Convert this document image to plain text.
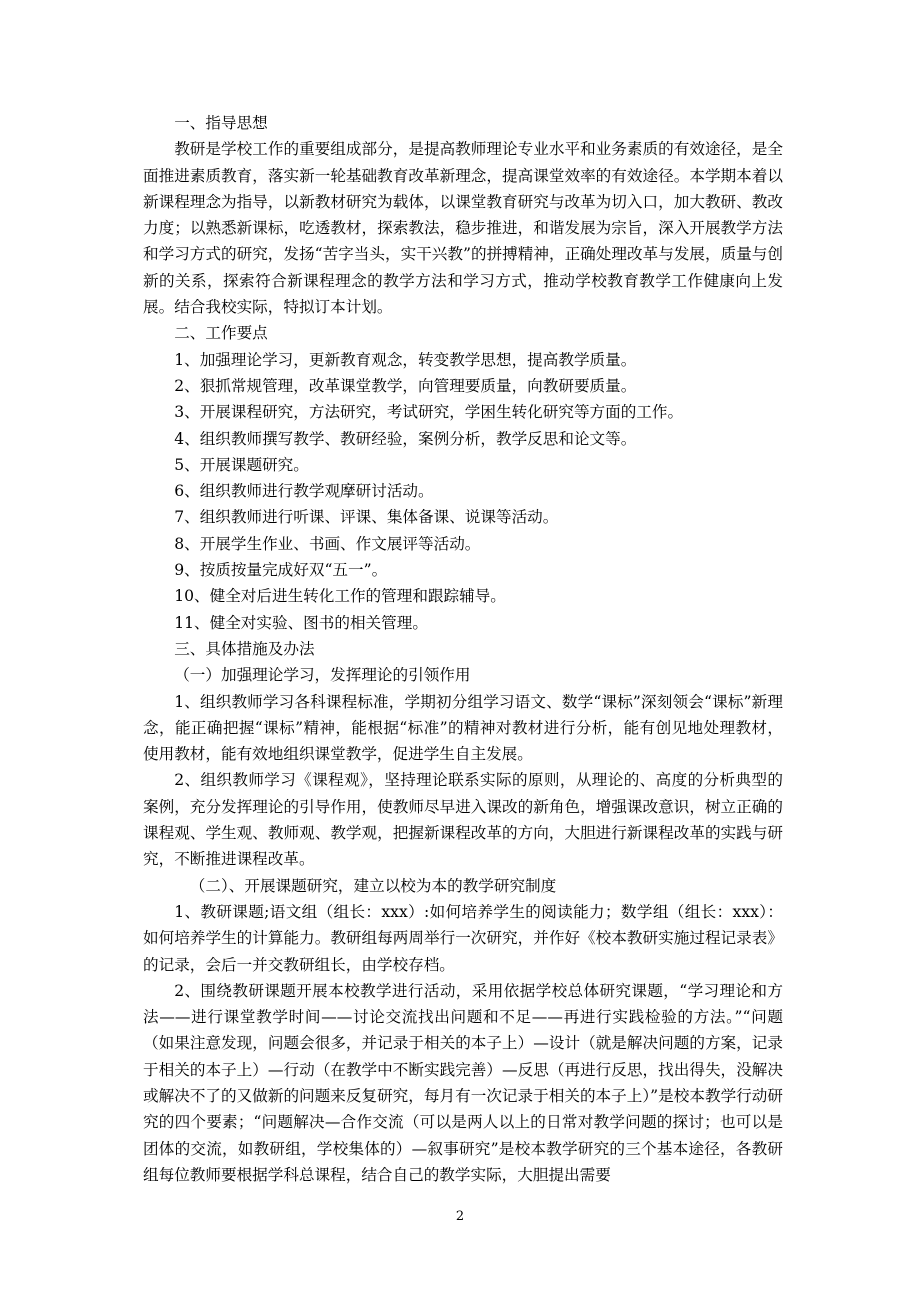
一、指导思想

教研是学校工作的重要组成部分，是提高教师理论专业水平和业务素质的有效途径，是全面推进素质教育，落实新一轮基础教育改革新理念，提高课堂效率的有效途径。本学期本着以新课程理念为指导，以新教材研究为载体，以课堂教育研究与改革为切入口，加大教研、教改力度；以熟悉新课标，吃透教材，探索教法，稳步推进，和谐发展为宗旨，深入开展教学方法和学习方式的研究，发扬“苦字当头，实干兴教”的拼搏精神，正确处理改革与发展，质量与创新的关系，探索符合新课程理念的教学方法和学习方式，推动学校教育教学工作健康向上发展。结合我校实际，特拟订本计划。

二、工作要点

1、加强理论学习，更新教育观念，转变教学思想，提高教学质量。

2、狠抓常规管理，改革课堂教学，向管理要质量，向教研要质量。

3、开展课程研究，方法研究，考试研究，学困生转化研究等方面的工作。

4、组织教师撰写教学、教研经验，案例分析，教学反思和论文等。

5、开展课题研究。

6、组织教师进行教学观摩研讨活动。

7、组织教师进行听课、评课、集体备课、说课等活动。

8、开展学生作业、书画、作文展评等活动。

9、按质按量完成好双“五一”。

10、健全对后进生转化工作的管理和跟踪辅导。

11、健全对实验、图书的相关管理。

三、具体措施及办法

（一）加强理论学习，发挥理论的引领作用

1、组织教师学习各科课程标准，学期初分组学习语文、数学“课标”深刻领会“课标”新理念，能正确把握“课标”精神，能根据“标准”的精神对教材进行分析，能有创见地处理教材，使用教材，能有效地组织课堂教学，促进学生自主发展。

2、组织教师学习《课程观》，坚持理论联系实际的原则，从理论的、高度的分析典型的案例，充分发挥理论的引导作用，使教师尽早进入课改的新角色，增强课改意识，树立正确的课程观、学生观、教师观、教学观，把握新课程改革的方向，大胆进行新课程改革的实践与研究，不断推进课程改革。

（二）、开展课题研究，建立以校为本的教学研究制度

1、教研课题;语文组（组长：xxx）:如何培养学生的阅读能力；数学组（组长：xxx）：如何培养学生的计算能力。教研组每两周举行一次研究，并作好《校本教研实施过程记录表》的记录，会后一并交教研组长，由学校存档。

2、围绕教研课题开展本校教学进行活动，采用依据学校总体研究课题，“学习理论和方法——进行课堂教学时间——讨论交流找出问题和不足——再进行实践检验的方法。”“问题（如果注意发现，问题会很多，并记录于相关的本子上）—设计（就是解决问题的方案，记录于相关的本子上）—行动（在教学中不断实践完善）—反思（再进行反思，找出得失，没解决或解决不了的又做新的问题来反复研究，每月有一次记录于相关的本子上）”是校本教学行动研究的四个要素；“问题解决—合作交流（可以是两人以上的日常对教学问题的探讨；也可以是团体的交流，如教研组，学校集体的）—叙事研究”是校本教学研究的三个基本途径，各教研组每位教师要根据学科总课程，结合自己的教学实际，大胆提出需要

2
